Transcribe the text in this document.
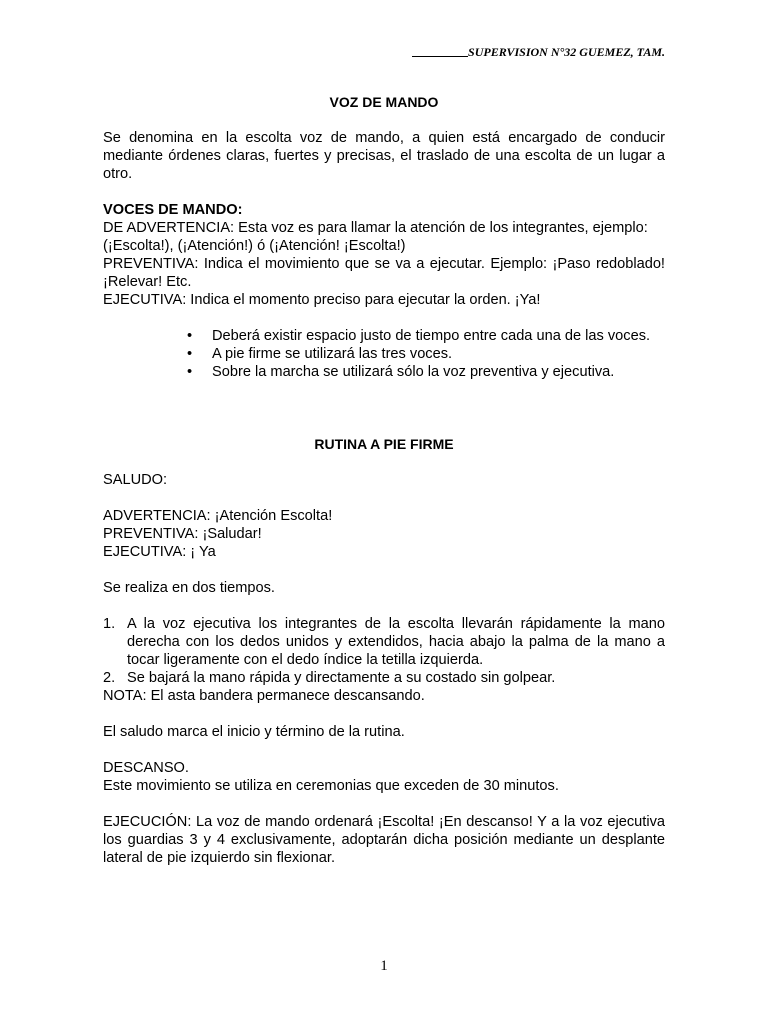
SUPERVISION N°32 GUEMEZ, TAM.

VOZ DE MANDO

Se denomina en la escolta voz de mando, a quien está encargado de conducir mediante órdenes claras, fuertes y precisas, el traslado de una escolta de un lugar a otro.

VOCES DE MANDO:

DE ADVERTENCIA: Esta voz es para llamar la atención de los integrantes, ejemplo:

(¡Escolta!), (¡Atención!) ó (¡Atención! ¡Escolta!)

PREVENTIVA: Indica el movimiento que se va a ejecutar. Ejemplo: ¡Paso redoblado! ¡Relevar! Etc.

EJECUTIVA: Indica el momento preciso para ejecutar la orden. ¡Ya!

• Deberá existir espacio justo de tiempo entre cada una de las voces.
• A pie firme se utilizará las tres voces.
• Sobre la marcha se utilizará sólo la voz preventiva y ejecutiva.

RUTINA A PIE FIRME

SALUDO:

ADVERTENCIA: ¡Atención Escolta!

PREVENTIVA: ¡Saludar!

EJECUTIVA: ¡ Ya

Se realiza en dos tiempos.

1. A la voz ejecutiva los integrantes de la escolta llevarán rápidamente la mano derecha con los dedos unidos y extendidos, hacia abajo la palma de la mano a tocar ligeramente con el dedo índice la tetilla izquierda.
2. Se bajará la mano rápida y directamente a su costado sin golpear.

NOTA: El asta bandera permanece descansando.

El saludo marca el inicio y término de la rutina.

DESCANSO.

Este movimiento se utiliza en ceremonias que exceden de 30 minutos.

EJECUCIÓN: La voz de mando ordenará ¡Escolta! ¡En descanso! Y a la voz ejecutiva los guardias 3 y 4 exclusivamente, adoptarán dicha posición mediante un desplante lateral de pie izquierdo sin flexionar.

1
